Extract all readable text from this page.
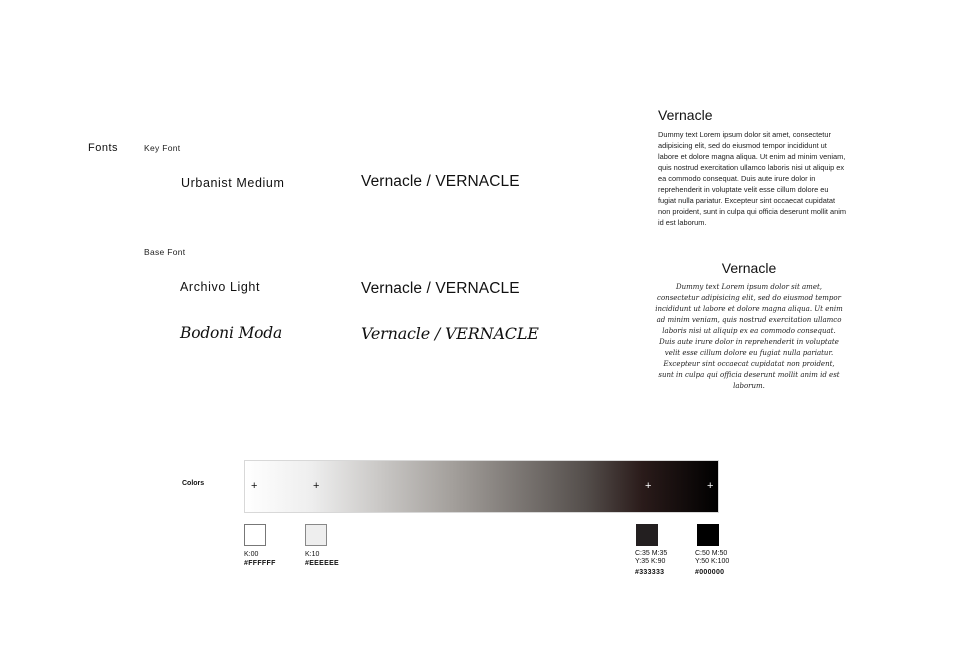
Fonts	Key Font
Base Font
Urbanist Medium	Vernacle / VERNACLE
Archivo Light	Vernacle / VERNACLE
Bodoni Moda	Vernacle / VERNACLE
Vernacle

Dummy text Lorem ipsum dolor sit amet, consectetur adipisicing elit, sed do eiusmod tempor incididunt ut labore et dolore magna aliqua. Ut enim ad minim veniam, quis nostrud exercitation ullamco laboris nisi ut aliquip ex ea commodo consequat. Duis aute irure dolor in reprehenderit in voluptate velit esse cillum dolore eu fugiat nulla pariatur. Excepteur sint occaecat cupidatat non proident, sunt in culpa qui officia deserunt mollit anim id est laborum.

Vernacle

Dummy text Lorem ipsum dolor sit amet, consectetur adipisicing elit, sed do eiusmod tempor incididunt ut labore et dolore magna aliqua. Ut enim ad minim veniam, quis nostrud exercitation ullamco laboris nisi ut aliquip ex ea commodo consequat. Duis aute irure dolor in reprehenderit in voluptate velit esse cillum dolore eu fugiat nulla pariatur. Excepteur sint occaecat cupidatat non proident, sunt in culpa qui officia deserunt mollit anim id est laborum.

Colors	+	+	+	+
K:00
#FFFFFF
K:10
#EEEEEE
C:35 M:35
Y:35 K:90
#333333
C:50 M:50
Y:50 K:100
#000000
